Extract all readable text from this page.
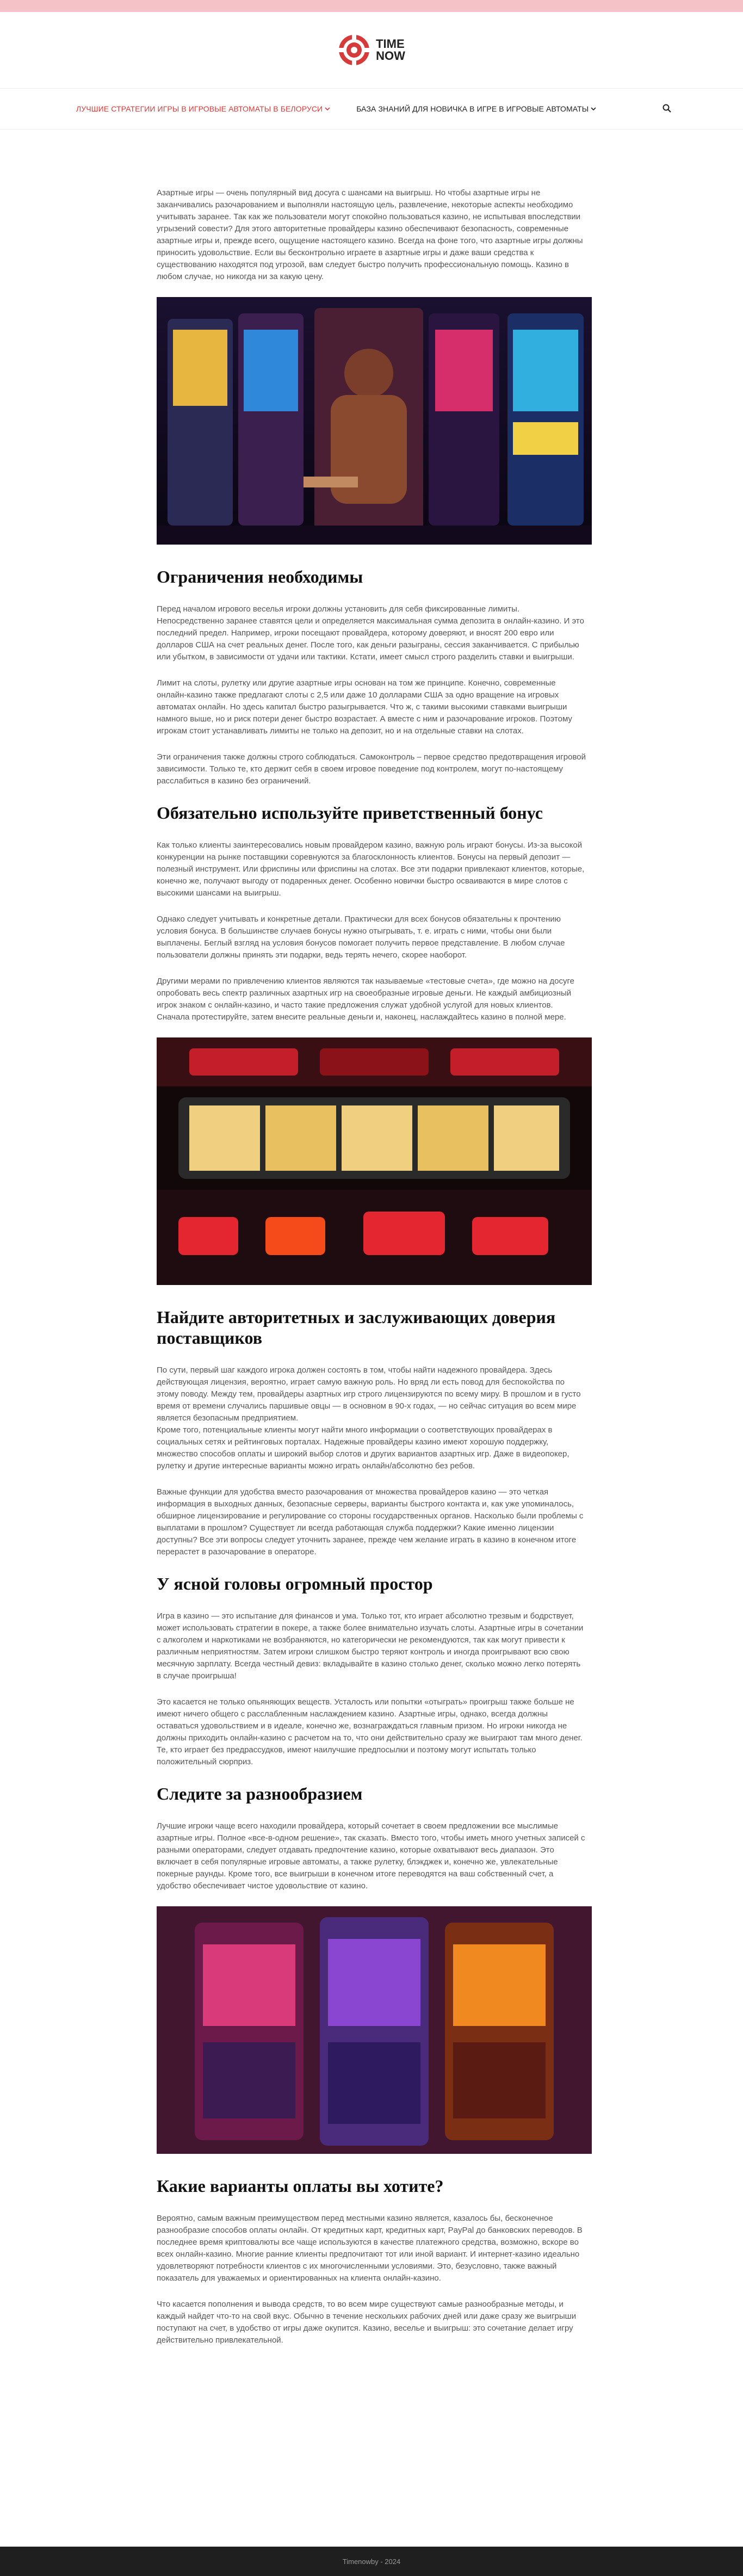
TIME
NOW
ЛУЧШИЕ СТРАТЕГИИ ИГРЫ В ИГРОВЫЕ АВТОМАТЫ В БЕЛОРУСИ	БАЗА ЗНАНИЙ ДЛЯ НОВИЧКА В ИГРЕ В ИГРОВЫЕ АВТОМАТЫ

Азартные игры — очень популярный вид досуга с шансами на выигрыш. Но чтобы азартные игры не заканчивались разочарованием и выполняли настоящую цель, развлечение, некоторые аспекты необходимо учитывать заранее. Так как же пользователи могут спокойно пользоваться казино, не испытывая впоследствии угрызений совести? Для этого авторитетные провайдеры казино обеспечивают безопасность, современные азартные игры и, прежде всего, ощущение настоящего казино. Всегда на фоне того, что азартные игры должны приносить удовольствие. Если вы бесконтрольно играете в азартные игры и даже ваши средства к существованию находятся под угрозой, вам следует быстро получить профессиональную помощь. Казино в любом случае, но никогда ни за какую цену.

Ограничения необходимы

Перед началом игрового веселья игроки должны установить для себя фиксированные лимиты. Непосредственно заранее ставятся цели и определяется максимальная сумма депозита в онлайн-казино. И это последний предел. Например, игроки посещают провайдера, которому доверяют, и вносят 200 евро или долларов США на счет реальных денег. После того, как деньги разыграны, сессия заканчивается. С прибылью или убытком, в зависимости от удачи или тактики. Кстати, имеет смысл строго разделить ставки и выигрыши.

Лимит на слоты, рулетку или другие азартные игры основан на том же принципе. Конечно, современные онлайн-казино также предлагают слоты с 2,5 или даже 10 долларами США за одно вращение на игровых автоматах онлайн. Но здесь капитал быстро разыгрывается. Что ж, с такими высокими ставками выигрыши намного выше, но и риск потери денег быстро возрастает. А вместе с ним и разочарование игроков. Поэтому игрокам стоит устанавливать лимиты не только на депозит, но и на отдельные ставки на слотах.

Эти ограничения также должны строго соблюдаться. Самоконтроль – первое средство предотвращения игровой зависимости. Только те, кто держит себя в своем игровое поведение под контролем, могут по-настоящему расслабиться в казино без ограничений.

Обязательно используйте приветственный бонус

Как только клиенты заинтересовались новым провайдером казино, важную роль играют бонусы. Из-за высокой конкуренции на рынке поставщики соревнуются за благосклонность клиентов. Бонусы на первый депозит — полезный инструмент. Или фриспины или фриспины на слотах. Все эти подарки привлекают клиентов, которые, конечно же, получают выгоду от подаренных денег. Особенно новички быстро осваиваются в мире слотов с высокими шансами на выигрыш.

Однако следует учитывать и конкретные детали. Практически для всех бонусов обязательны к прочтению условия бонуса. В большинстве случаев бонусы нужно отыгрывать, т. е. играть с ними, чтобы они были выплачены. Беглый взгляд на условия бонусов помогает получить первое представление. В любом случае пользователи должны принять эти подарки, ведь терять нечего, скорее наоборот.

Другими мерами по привлечению клиентов являются так называемые «тестовые счета», где можно на досуге опробовать весь спектр различных азартных игр на своеобразные игровые деньги. Не каждый амбициозный игрок знаком с онлайн-казино, и часто такие предложения служат удобной услугой для новых клиентов. Сначала протестируйте, затем внесите реальные деньги и, наконец, наслаждайтесь казино в полной мере.

Найдите авторитетных и заслуживающих доверия поставщиков

По сути, первый шаг каждого игрока должен состоять в том, чтобы найти надежного провайдера. Здесь действующая лицензия, вероятно, играет самую важную роль. Но вряд ли есть повод для беспокойства по этому поводу. Между тем, провайдеры азартных игр строго лицензируются по всему миру. В прошлом и в густо время от времени случались паршивые овцы — в основном в 90-х годах, — но сейчас ситуация во всем мире является безопасным предприятием.

Кроме того, потенциальные клиенты могут найти много информации о соответствующих провайдерах в социальных сетях и рейтинговых порталах. Надежные провайдеры казино имеют хорошую поддержку, множество способов оплаты и широкий выбор слотов и других вариантов азартных игр. Даже в видеопокер, рулетку и другие интересные варианты можно играть онлайн/абсолютно без ребов.

Важные функции для удобства вместо разочарования от множества провайдеров казино — это четкая информация в выходных данных, безопасные серверы, варианты быстрого контакта и, как уже упоминалось, обширное лицензирование и регулирование со стороны государственных органов. Насколько были проблемы с выплатами в прошлом? Существует ли всегда работающая служба поддержки? Какие именно лицензии доступны? Все эти вопросы следует уточнить заранее, прежде чем желание играть в казино в конечном итоге перерастет в разочарование в операторе.

У ясной головы огромный простор

Игра в казино — это испытание для финансов и ума. Только тот, кто играет абсолютно трезвым и бодрствует, может использовать стратегии в покере, а также более внимательно изучать слоты. Азартные игры в сочетании с алкоголем и наркотиками не возбраняются, но категорически не рекомендуются, так как могут привести к различным неприятностям. Затем игроки слишком быстро теряют контроль и иногда проигрывают всю свою месячную зарплату. Всегда честный девиз: вкладывайте в казино столько денег, сколько можно легко потерять в случае проигрыша!

Это касается не только опьяняющих веществ. Усталость или попытки «отыграть» проигрыш также больше не имеют ничего общего с расслабленным наслаждением казино. Азартные игры, однако, всегда должны оставаться удовольствием и в идеале, конечно же, вознаграждаться главным призом. Но игроки никогда не должны приходить онлайн-казино с расчетом на то, что они действительно сразу же выиграют там много денег. Те, кто играет без предрассудков, имеют наилучшие предпосылки и поэтому могут испытать только положительный сюрприз.

Следите за разнообразием

Лучшие игроки чаще всего находили провайдера, который сочетает в своем предложении все мыслимые азартные игры. Полное «все-в-одном решение», так сказать. Вместо того, чтобы иметь много учетных записей с разными операторами, следует отдавать предпочтение казино, которые охватывают весь диапазон. Это включает в себя популярные игровые автоматы, а также рулетку, блэкджек и, конечно же, увлекательные покерные раунды. Кроме того, все выигрыши в конечном итоге переводятся на ваш собственный счет, а удобство обеспечивает чистое удовольствие от казино.

Какие варианты оплаты вы хотите?

Вероятно, самым важным преимуществом перед местными казино является, казалось бы, бесконечное разнообразие способов оплаты онлайн. От кредитных карт, кредитных карт, PayPal до банковских переводов. В последнее время криптовалюты все чаще используются в качестве платежного средства, возможно, вскоре во всех онлайн-казино. Многие ранние клиенты предпочитают тот или иной вариант. И интернет-казино идеально удовлетворяют потребности клиентов с их многочисленными условиями. Это, безусловно, также важный показатель для уважаемых и ориентированных на клиента онлайн-казино.

Что касается пополнения и вывода средств, то во всем мире существуют самые разнообразные методы, и каждый найдет что-то на свой вкус. Обычно в течение нескольких рабочих дней или даже сразу же выигрыши поступают на счет, в удобство от игры даже окупится. Казино, веселье и выигрыш: это сочетание делает игру действительно привлекательной.

Timenowby - 2024
